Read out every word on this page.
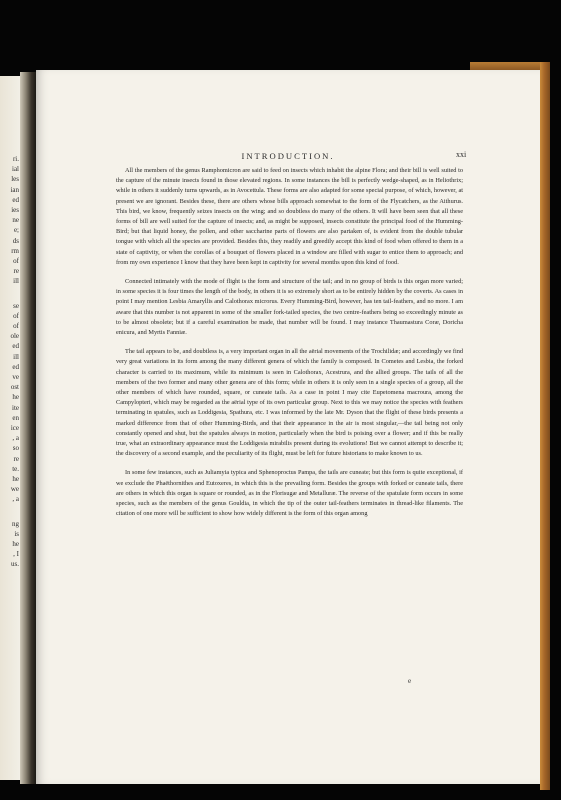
ri.
ial
les
ian
ed
ies
ne
e;
ds
rm
of
re
ill
se
of
of
ole
ed
ill
ed
ve
ost
he
ite
en
ice
, a
so
re
te.
he
we
, a
ng
is
he
, I
us.
INTRODUCTION.	xxi

All the members of the genus Ramphomicron are said to feed on insects which inhabit the alpine Flora; and their bill is well suited to the capture of the minute insects found in those elevated regions. In some instances the bill is perfectly wedge-shaped, as in Heliothrix; while in others it suddenly turns upwards, as in Avocettula. These forms are also adapted for some special purpose, of which, however, at present we are ignorant. Besides these, there are others whose bills approach somewhat to the form of the Flycatchers, as the Aithurus. This bird, we know, frequently seizes insects on the wing; and so doubtless do many of the others. It will have been seen that all these forms of bill are well suited for the capture of insects; and, as might be supposed, insects constitute the principal food of the Humming-Bird; but that liquid honey, the pollen, and other saccharine parts of flowers are also partaken of, is evident from the double tubular tongue with which all the species are provided. Besides this, they readily and greedily accept this kind of food when offered to them in a state of captivity, or when the corollas of a bouquet of flowers placed in a window are filled with sugar to entice them to approach; and from my own experience I know that they have been kept in captivity for several months upon this kind of food.

Connected intimately with the mode of flight is the form and structure of the tail; and in no group of birds is this organ more varied; in some species it is four times the length of the body, in others it is so extremely short as to be entirely hidden by the coverts. As cases in point I may mention Lesbia Amaryllis and Calothorax microrus. Every Humming-Bird, however, has ten tail-feathers, and no more. I am aware that this number is not apparent in some of the smaller fork-tailed species, the two centre-feathers being so exceedingly minute as to be almost obsolete; but if a careful examination be made, that number will be found. I may instance Thaumastura Coræ, Doricha enicura, and Myrtis Fanniæ.

The tail appears to be, and doubtless is, a very important organ in all the aërial movements of the Trochilidæ; and accordingly we find very great variations in its form among the many different genera of which the family is composed. In Cometes and Lesbia, the forked character is carried to its maximum, while its minimum is seen in Calothorax, Acestrura, and the allied groups. The tails of all the members of the two former and many other genera are of this form; while in others it is only seen in a single species of a group, all the other members of which have rounded, square, or cuneate tails. As a case in point I may cite Eupetomena macroura, among the Campylopteri, which may be regarded as the aërial type of its own particular group. Next to this we may notice the species with feathers terminating in spatules, such as Loddigesia, Spathura, etc. I was informed by the late Mr. Dyson that the flight of these birds presents a marked difference from that of other Humming-Birds, and that their appearance in the air is most singular,—the tail being not only constantly opened and shut, but the spatules always in motion, particularly when the bird is poising over a flower; and if this be really true, what an extraordinary appearance must the Loddigesia mirabilis present during its evolutions! But we cannot attempt to describe it; the discovery of a second example, and the peculiarity of its flight, must be left for future historians to make known to us.

In some few instances, such as Juliamyia typica and Sphenoproctus Pampa, the tails are cuneate; but this form is quite exceptional, if we exclude the Phaëthornithes and Eutoxeres, in which this is the prevailing form. Besides the groups with forked or cuneate tails, there are others in which this organ is square or rounded, as in the Florisugæ and Metalluræ. The reverse of the spatulate form occurs in some species, such as the members of the genus Gouldia, in which the tip of the outer tail-feathers terminates in thread-like filaments. The citation of one more will be sufficient to show how widely different is the form of this organ among

e
